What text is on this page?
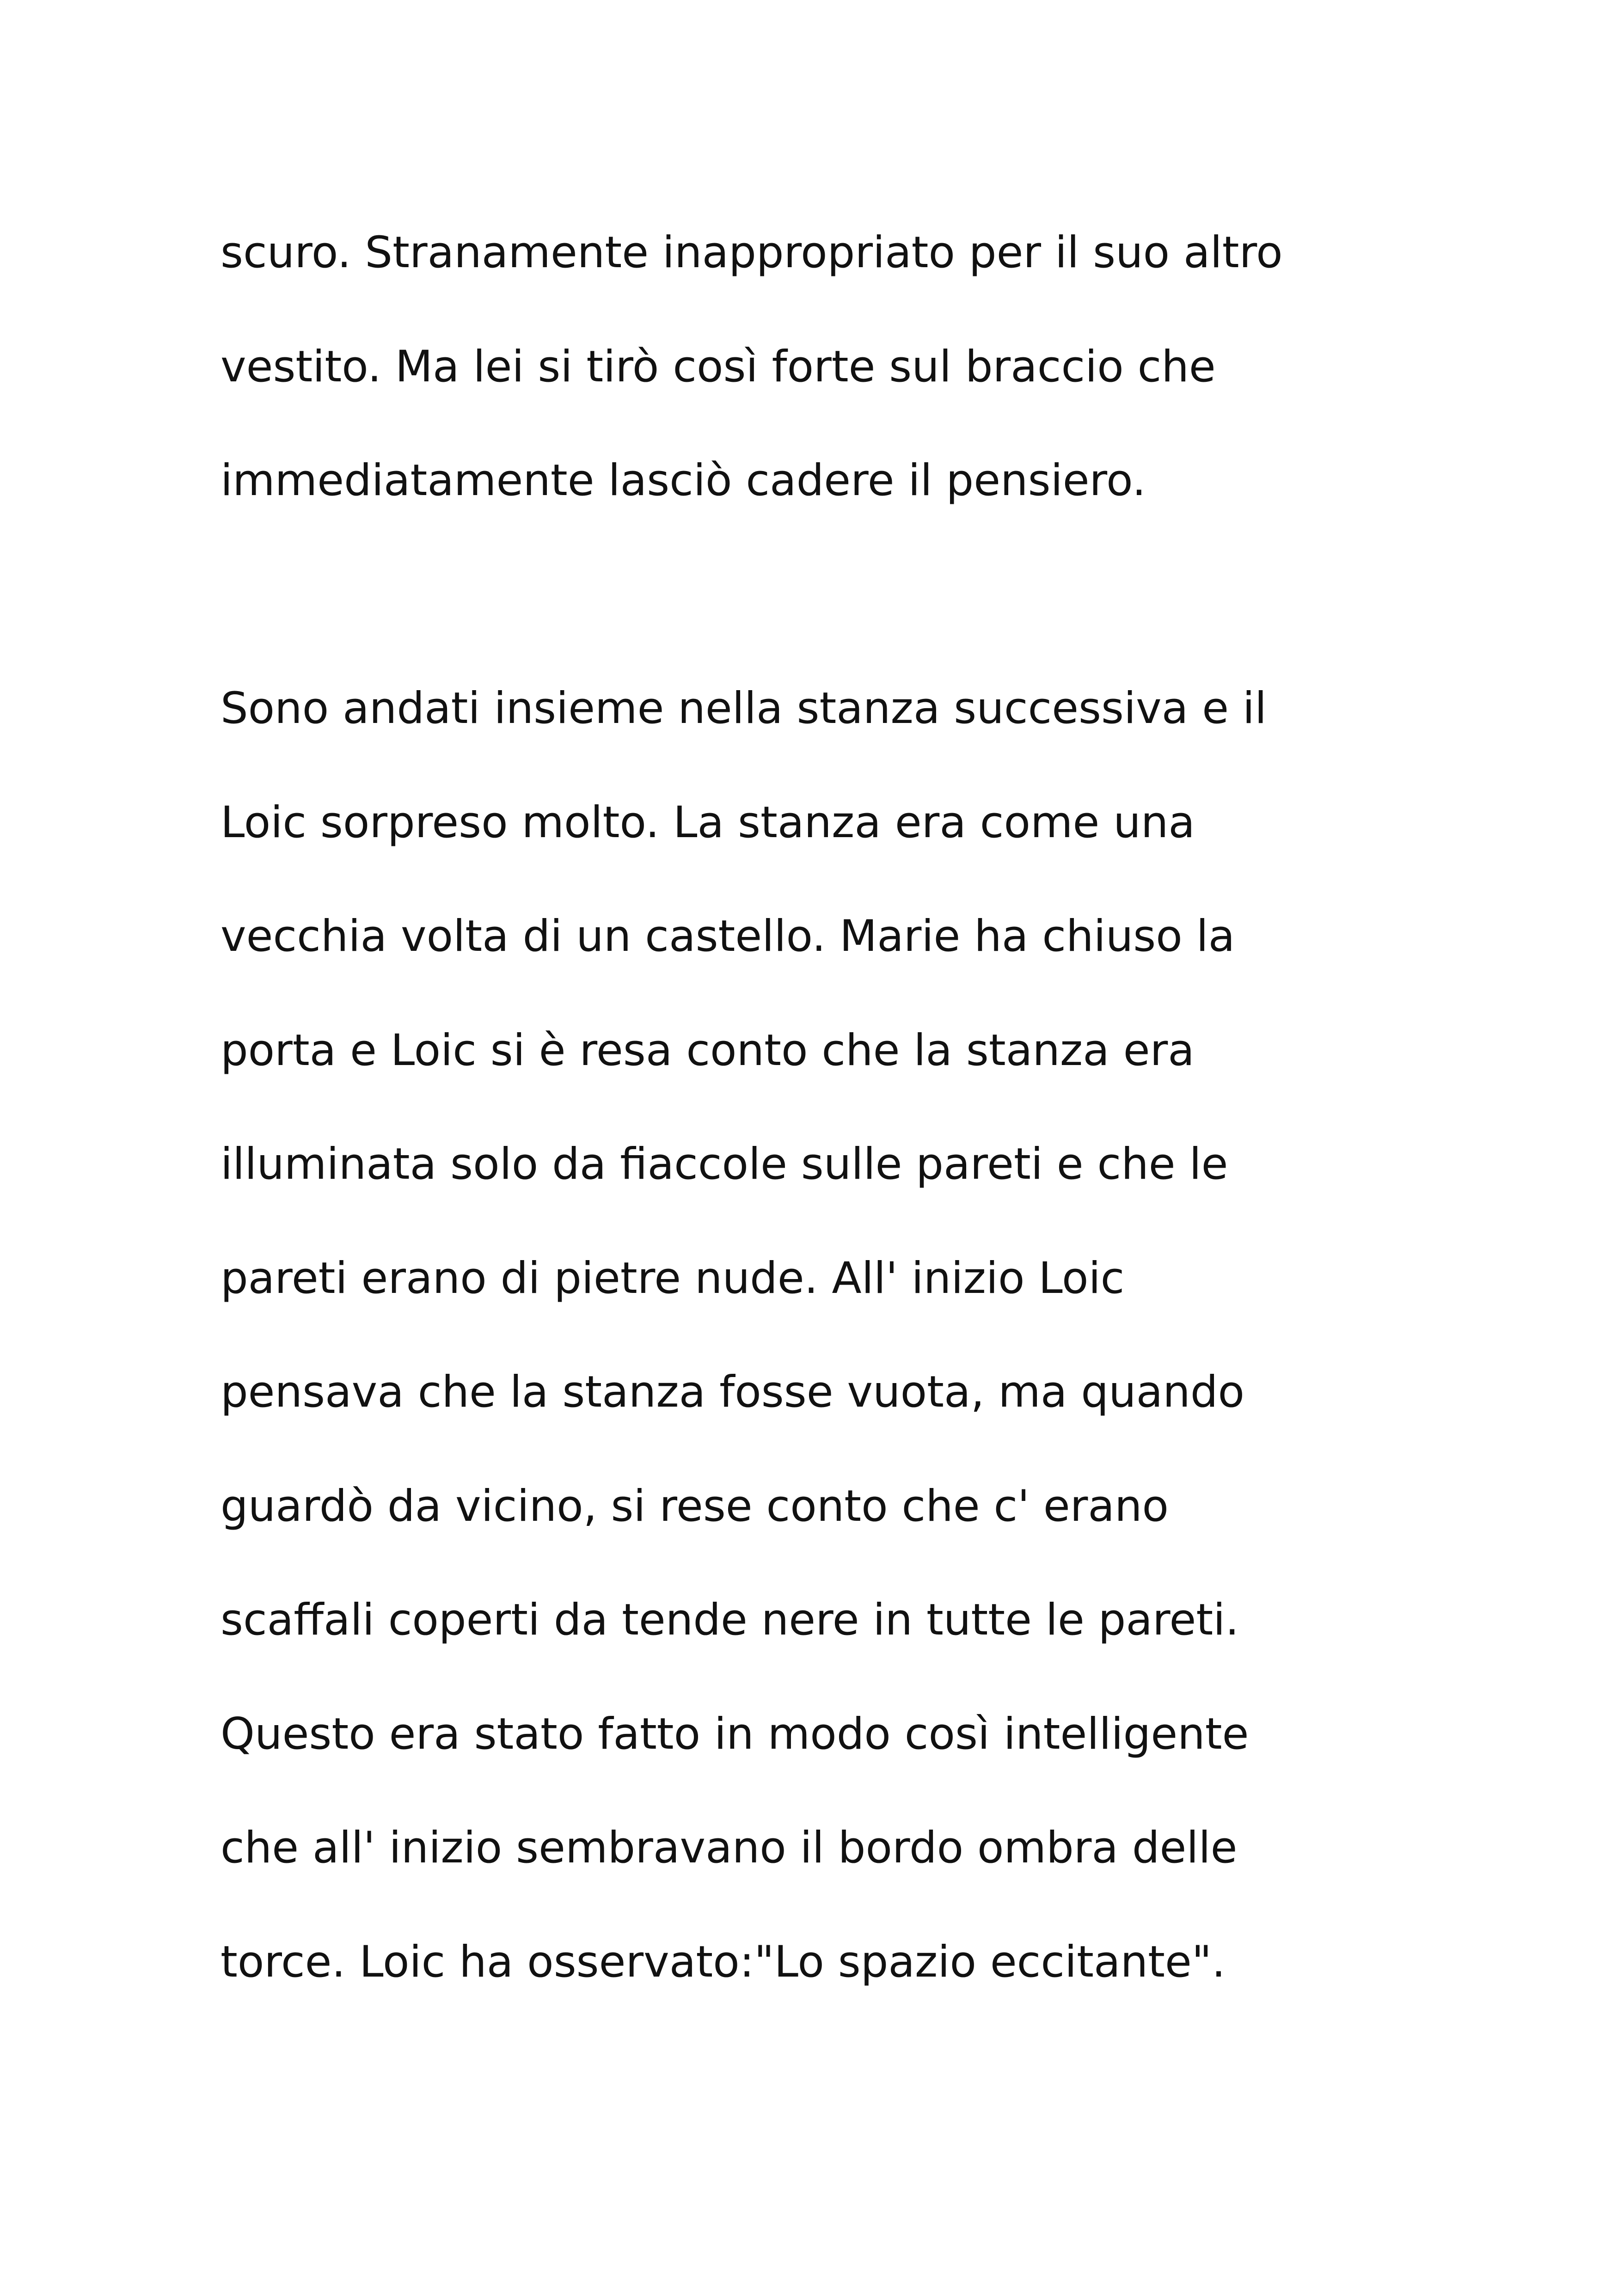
scuro. Stranamente inappropriato per il suo altro
vestito. Ma lei si tirò così forte sul braccio che
immediatamente lasciò cadere il pensiero.
Sono andati insieme nella stanza successiva e il
Loic sorpreso molto. La stanza era come una
vecchia volta di un castello. Marie ha chiuso la
porta e Loic si è resa conto che la stanza era
illuminata solo da fiaccole sulle pareti e che le
pareti erano di pietre nude. All' inizio Loic
pensava che la stanza fosse vuota, ma quando
guardò da vicino, si rese conto che c' erano
scaffali coperti da tende nere in tutte le pareti.
Questo era stato fatto in modo così intelligente
che all' inizio sembravano il bordo ombra delle
torce. Loic ha osservato:"Lo spazio eccitante".
